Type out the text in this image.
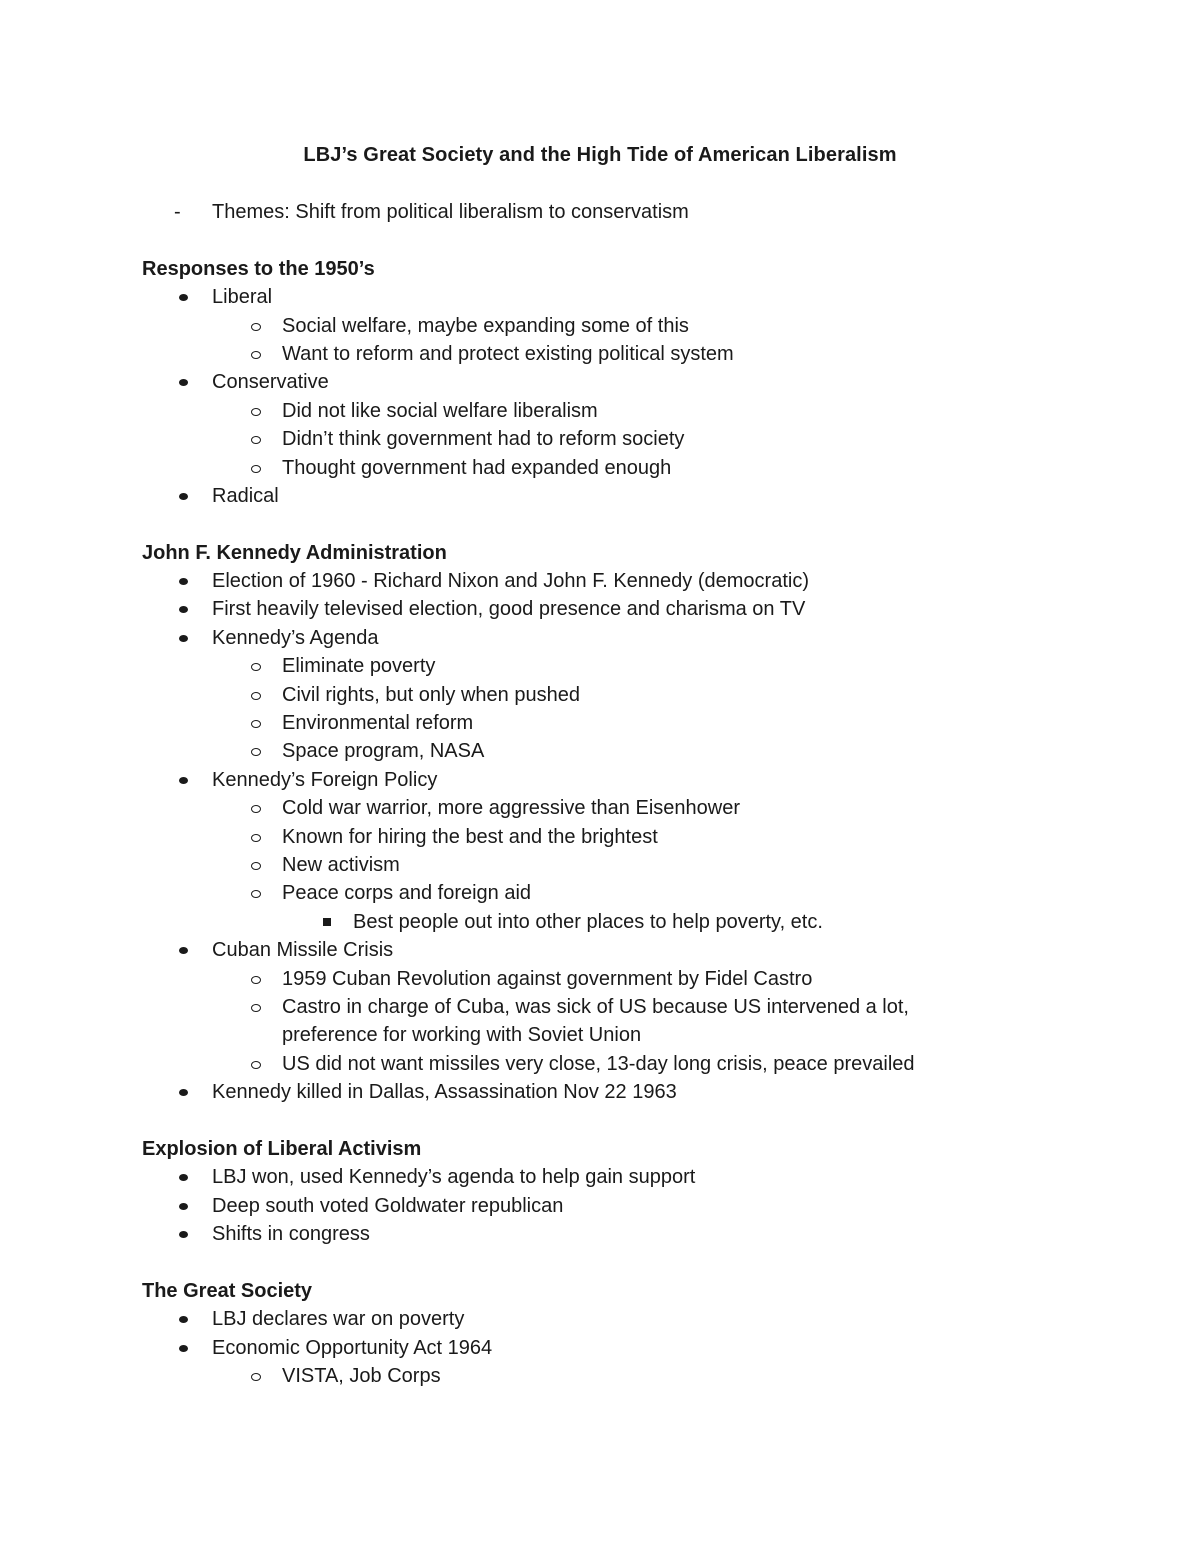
LBJ’s Great Society and the High Tide of American Liberalism
- Themes: Shift from political liberalism to conservatism
Responses to the 1950’s
Liberal
Social welfare, maybe expanding some of this
Want to reform and protect existing political system
Conservative
Did not like social welfare liberalism
Didn’t think government had to reform society
Thought government had expanded enough
Radical
John F. Kennedy Administration
Election of 1960 - Richard Nixon and John F. Kennedy (democratic)
First heavily televised election, good presence and charisma on TV
Kennedy’s Agenda
Eliminate poverty
Civil rights, but only when pushed
Environmental reform
Space program, NASA
Kennedy’s Foreign Policy
Cold war warrior, more aggressive than Eisenhower
Known for hiring the best and the brightest
New activism
Peace corps and foreign aid
Best people out into other places to help poverty, etc.
Cuban Missile Crisis
1959 Cuban Revolution against government by Fidel Castro
Castro in charge of Cuba, was sick of US because US intervened a lot,
preference for working with Soviet Union
US did not want missiles very close, 13-day long crisis, peace prevailed
Kennedy killed in Dallas, Assassination Nov 22 1963
Explosion of Liberal Activism
LBJ won, used Kennedy’s agenda to help gain support
Deep south voted Goldwater republican
Shifts in congress
The Great Society
LBJ declares war on poverty
Economic Opportunity Act 1964
VISTA, Job Corps
